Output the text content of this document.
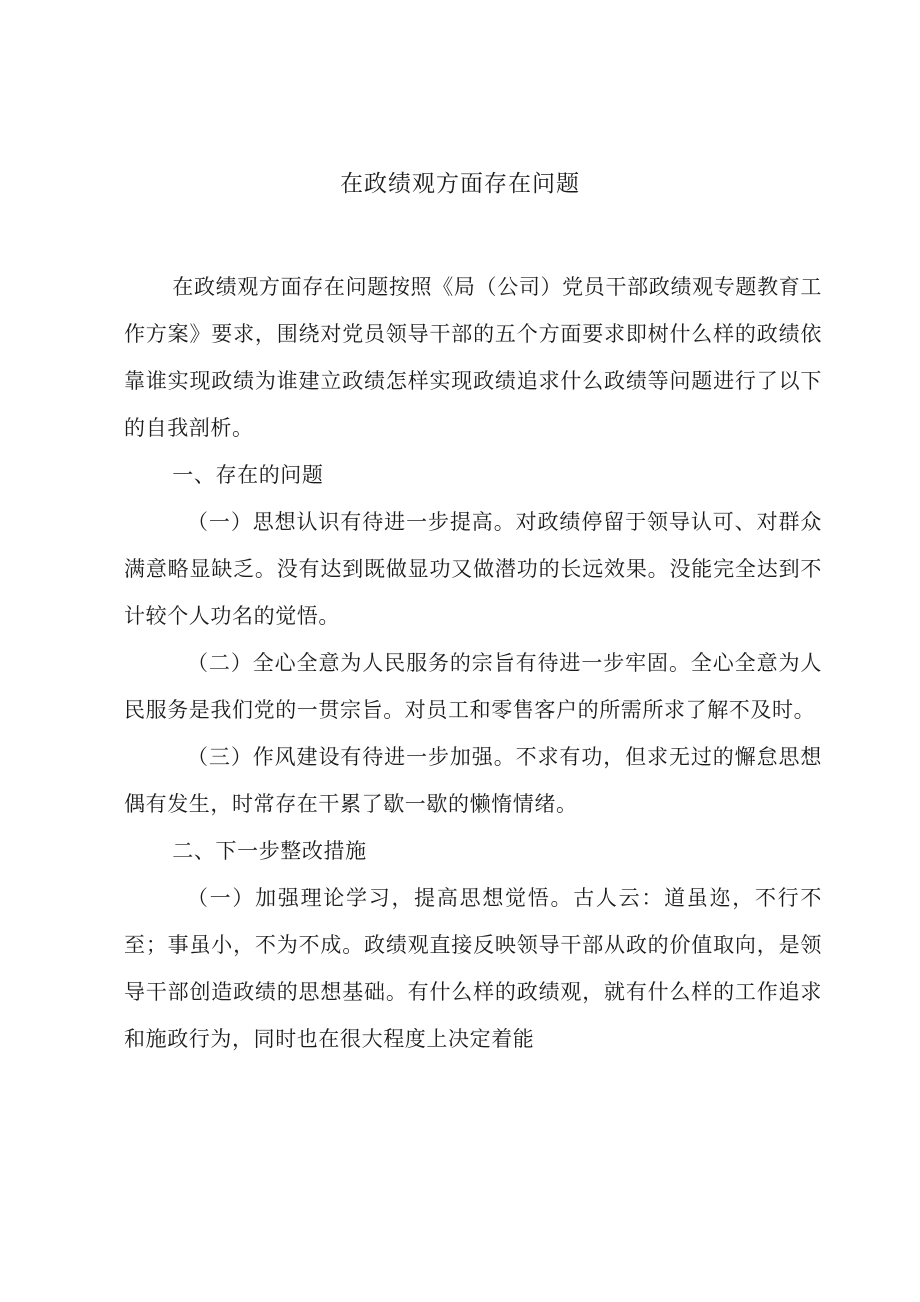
在政绩观方面存在问题

在政绩观方面存在问题按照《局（公司）党员干部政绩观专题教育工作方案》要求，围绕对党员领导干部的五个方面要求即树什么样的政绩依靠谁实现政绩为谁建立政绩怎样实现政绩追求什么政绩等问题进行了以下的自我剖析。

一、存在的问题

（一）思想认识有待进一步提高。对政绩停留于领导认可、对群众满意略显缺乏。没有达到既做显功又做潜功的长远效果。没能完全达到不计较个人功名的觉悟。

（二）全心全意为人民服务的宗旨有待进一步牢固。全心全意为人民服务是我们党的一贯宗旨。对员工和零售客户的所需所求了解不及时。

（三）作风建设有待进一步加强。不求有功，但求无过的懈怠思想偶有发生，时常存在干累了歇一歇的懒惰情绪。

二、下一步整改措施

（一）加强理论学习，提高思想觉悟。古人云：道虽迩，不行不至；事虽小，不为不成。政绩观直接反映领导干部从政的价值取向，是领导干部创造政绩的思想基础。有什么样的政绩观，就有什么样的工作追求和施政行为，同时也在很大程度上决定着能
